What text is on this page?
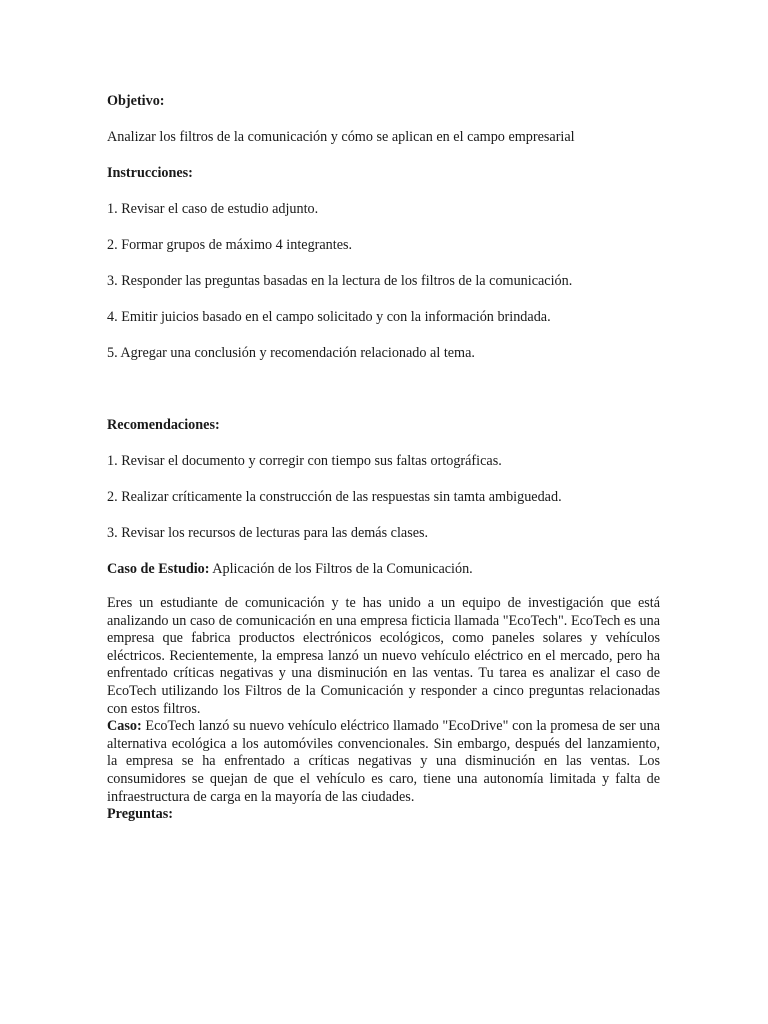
Objetivo:
Analizar los filtros de la comunicación y cómo se aplican en el campo empresarial
Instrucciones:
1. Revisar el caso de estudio adjunto.
2. Formar grupos de máximo 4 integrantes.
3. Responder las preguntas basadas en la lectura de los filtros de la comunicación.
4. Emitir juicios basado en el campo solicitado y con la información brindada.
5. Agregar una conclusión y recomendación relacionado al tema.
Recomendaciones:
1. Revisar el documento y corregir con tiempo sus faltas ortográficas.
2. Realizar críticamente la construcción de las respuestas sin tamta ambiguedad.
3. Revisar los recursos de lecturas para las demás clases.
Caso de Estudio: Aplicación de los Filtros de la Comunicación.

Eres un estudiante de comunicación y te has unido a un equipo de investigación que está analizando un caso de comunicación en una empresa ficticia llamada "EcoTech". EcoTech es una empresa que fabrica productos electrónicos ecológicos, como paneles solares y vehículos eléctricos. Recientemente, la empresa lanzó un nuevo vehículo eléctrico en el mercado, pero ha enfrentado críticas negativas y una disminución en las ventas. Tu tarea es analizar el caso de EcoTech utilizando los Filtros de la Comunicación y responder a cinco preguntas relacionadas con estos filtros.

Caso: EcoTech lanzó su nuevo vehículo eléctrico llamado "EcoDrive" con la promesa de ser una alternativa ecológica a los automóviles convencionales. Sin embargo, después del lanzamiento, la empresa se ha enfrentado a críticas negativas y una disminución en las ventas. Los consumidores se quejan de que el vehículo es caro, tiene una autonomía limitada y falta de infraestructura de carga en la mayoría de las ciudades.

Preguntas:
